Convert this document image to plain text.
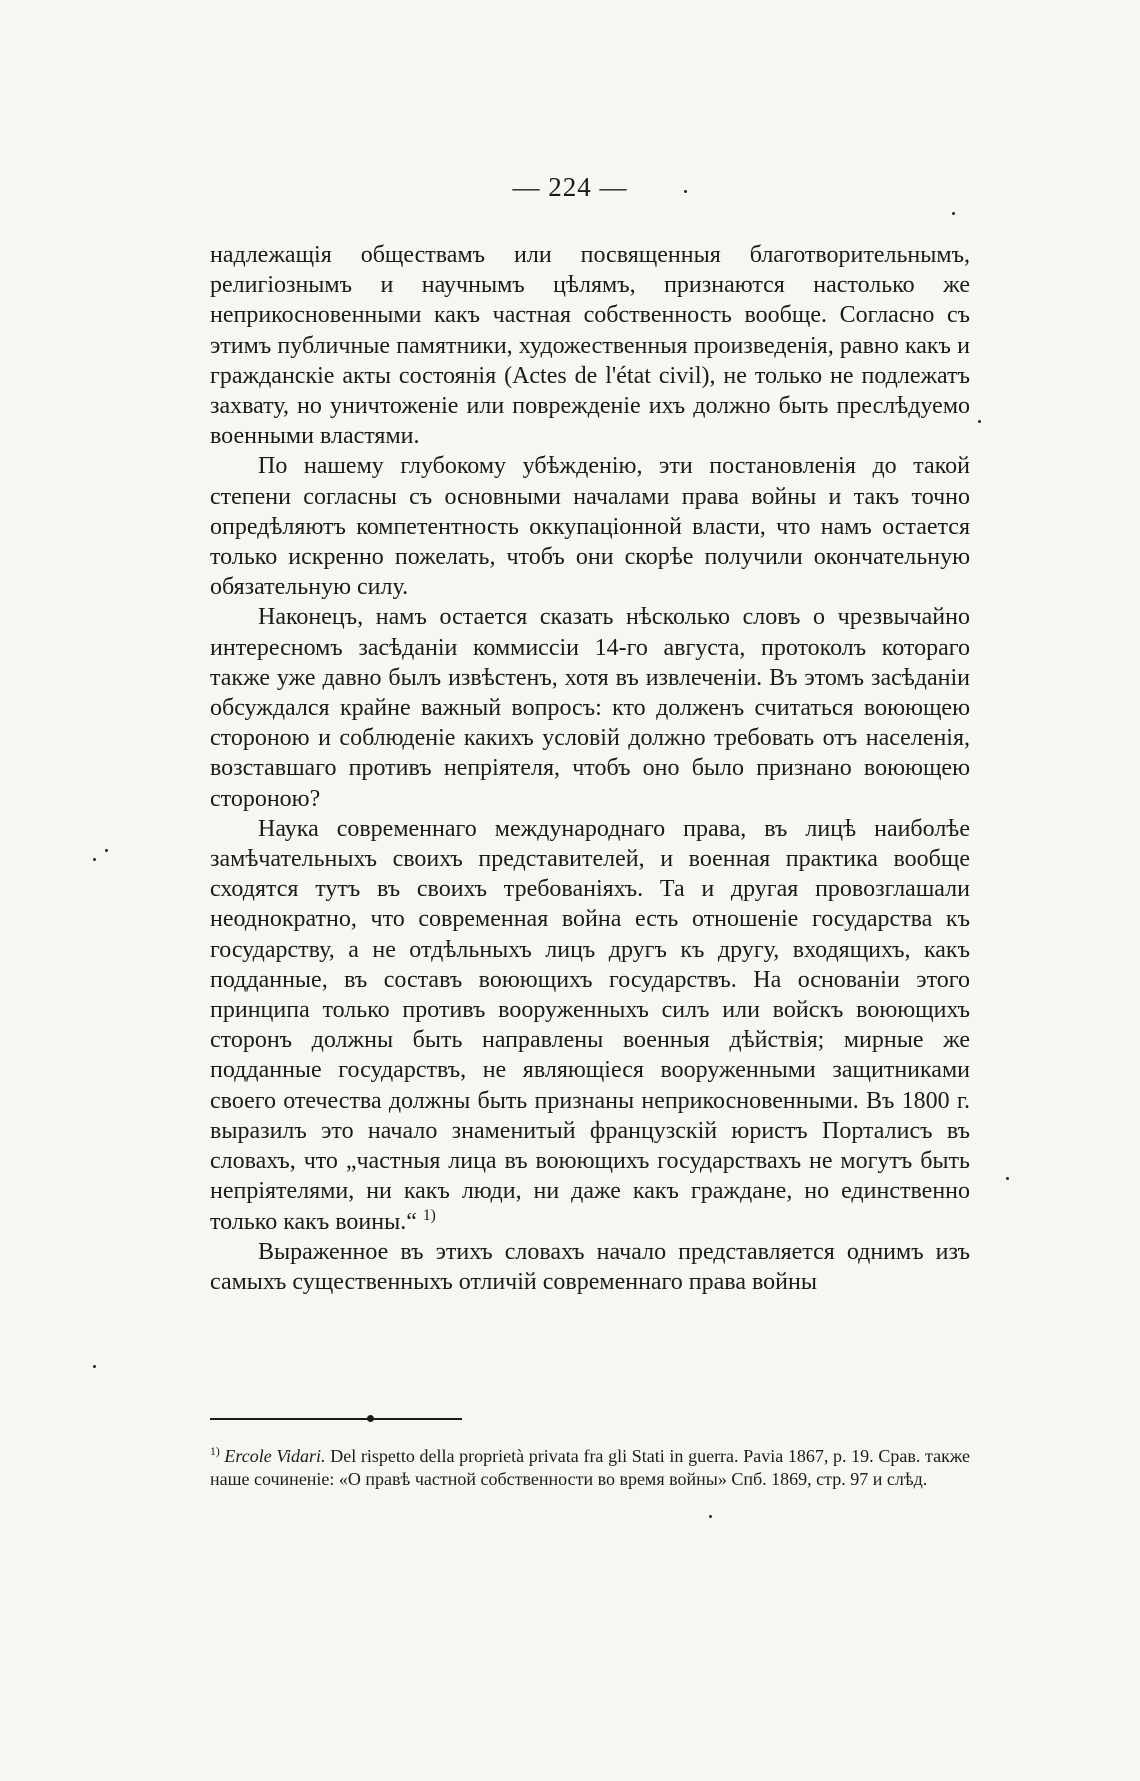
— 224 —

надлежащія обществамъ или посвященныя благотворительнымъ, религіознымъ и научнымъ цѣлямъ, признаются настолько же неприкосновенными какъ частная собственность вообще. Согласно съ этимъ публичные памятники, художественныя произведенія, равно какъ и гражданскіе акты состоянія (Actes de l'état civil), не только не подлежатъ захвату, но уничтоженіе или поврежденіе ихъ должно быть преслѣдуемо военными властями.

По нашему глубокому убѣжденію, эти постановленія до такой степени согласны съ основными началами права войны и такъ точно опредѣляютъ компетентность оккупаціонной власти, что намъ остается только искренно пожелать, чтобъ они скорѣе получили окончательную обязательную силу.

Наконецъ, намъ остается сказать нѣсколько словъ о чрезвычайно интересномъ засѣданіи коммиссіи 14-го августа, протоколъ котораго также уже давно былъ извѣстенъ, хотя въ извлеченіи. Въ этомъ засѣданіи обсуждался крайне важный вопросъ: кто долженъ считаться воюющею стороною и соблюденіе какихъ условій должно требовать отъ населенія, возставшаго противъ непріятеля, чтобъ оно было признано воюющею стороною?

Наука современнаго международнаго права, въ лицѣ наиболѣе замѣчательныхъ своихъ представителей, и военная практика вообще сходятся тутъ въ своихъ требованіяхъ. Та и другая провозглашали неоднократно, что современная война есть отношеніе государства къ государству, а не отдѣльныхъ лицъ другъ къ другу, входящихъ, какъ подданные, въ составъ воюющихъ государствъ. На основаніи этого принципа только противъ вооруженныхъ силъ или войскъ воюющихъ сторонъ должны быть направлены военныя дѣйствія; мирные же подданные государствъ, не являющіеся вооруженными защитниками своего отечества должны быть признаны неприкосновенными. Въ 1800 г. выразилъ это начало знаменитый французскій юристъ Порталисъ въ словахъ, что „частныя лица въ воюющихъ государствахъ не могутъ быть непріятелями, ни какъ люди, ни даже какъ граждане, но единственно только какъ воины.“ $^{1)}$

Выраженное въ этихъ словахъ начало представляется однимъ изъ самыхъ существенныхъ отличій современнаго права войны

$^{1)}$ Ercole Vidari. Del rispetto della proprietà privata fra gli Stati in guerra. Pavia 1867, p. 19. Срав. также наше сочиненіе: «О правѣ частной собственности во время войны» Спб. 1869, стр. 97 и слѣд.
